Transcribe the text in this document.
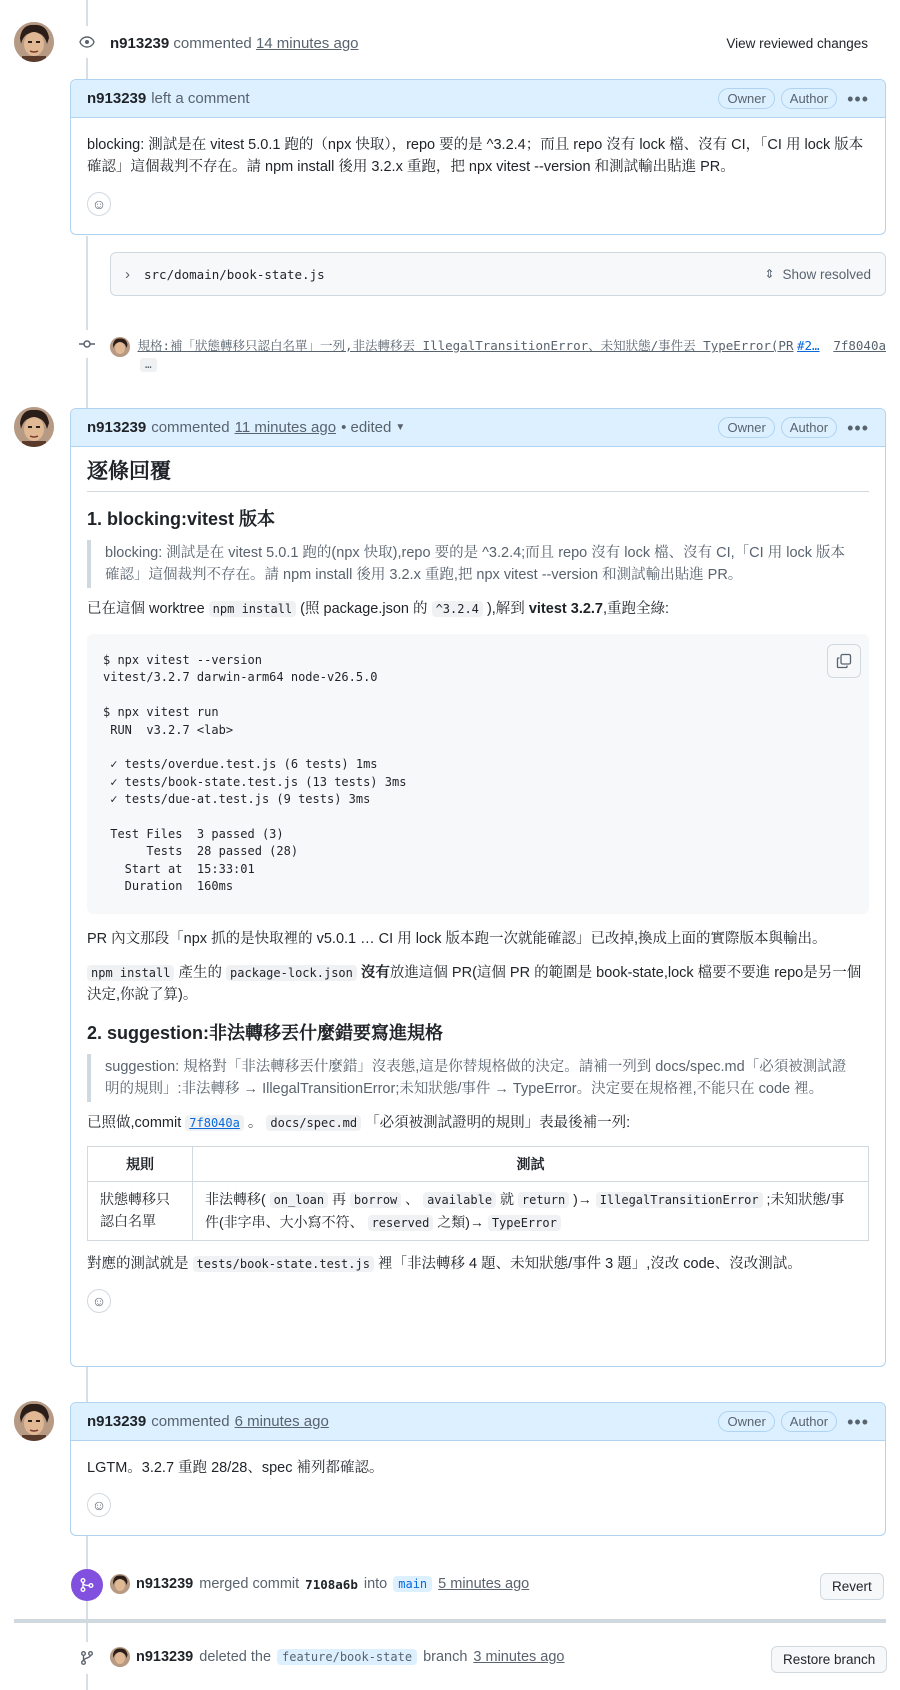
n913239 commented 14 minutes ago	View reviewed changes
n913239 left a comment	Owner	Author	•••

blocking: 測試是在 vitest 5.0.1 跑的（npx 快取），repo 要的是 ^3.2.4；而且 repo 沒有 lock 檔、沒有 CI，「CI 用 lock 版本確認」這個裁判不存在。請 npm install 後用 3.2.x 重跑，把 npx vitest --version 和測試輸出貼進 PR。

☺
› src/domain/book-state.js	⇕ Show resolved
規格:補「狀態轉移只認白名單」一列,非法轉移丟 IllegalTransitionError、未知狀態/事件丟 TypeError(PR #2… 7f8040a
…
n913239 commented 11 minutes ago • edited ▼	Owner	Author	•••
逐條回覆
1. blocking:vitest 版本
blocking: 測試是在 vitest 5.0.1 跑的(npx 快取),repo 要的是 ^3.2.4;而且 repo 沒有 lock 檔、沒有 CI,「CI 用 lock 版本確認」這個裁判不存在。請 npm install 後用 3.2.x 重跑,把 npx vitest --version 和測試輸出貼進 PR。

已在這個 worktree npm install (照 package.json 的 ^3.2.4 ),解到 vitest 3.2.7,重跑全綠:

$ npx vitest --version
vitest/3.2.7 darwin-arm64 node-v26.5.0

$ npx vitest run
RUN  v3.2.7 <lab>

✓ tests/overdue.test.js (6 tests) 1ms
✓ tests/book-state.test.js (13 tests) 3ms
✓ tests/due-at.test.js (9 tests) 3ms

Test Files  3 passed (3)
Tests  28 passed (28)
Start at  15:33:01
Duration  160ms

PR 內文那段「npx 抓的是快取裡的 v5.0.1 … CI 用 lock 版本跑一次就能確認」已改掉,換成上面的實際版本與輸出。

npm install 產生的 package-lock.json 沒有放進這個 PR(這個 PR 的範圍是 book-state,lock 檔要不要進 repo是另一個決定,你說了算)。

2. suggestion:非法轉移丟什麼錯要寫進規格
suggestion: 規格對「非法轉移丟什麼錯」沒表態,這是你替規格做的決定。請補一列到 docs/spec.md「必須被測試證明的規則」:非法轉移 → IllegalTransitionError;未知狀態/事件 → TypeError。決定要在規格裡,不能只在 code 裡。

已照做,commit 7f8040a 。 docs/spec.md 「必須被測試證明的規則」表最後補一列:

規則	測試
狀態轉移只認白名單	非法轉移( on_loan 再 borrow 、 available 就 return )→ IllegalTransitionError ;未知狀態/事件(非字串、大小寫不符、 reserved 之類)→ TypeError

對應的測試就是 tests/book-state.test.js 裡「非法轉移 4 題、未知狀態/事件 3 題」,沒改 code、沒改測試。

☺
n913239 commented 6 minutes ago	Owner	Author	•••

LGTM。3.2.7 重跑 28/28、spec 補列都確認。

☺
n913239 merged commit 7108a6b into main 5 minutes ago	Revert
n913239 deleted the feature/book-state branch 3 minutes ago	Restore branch
